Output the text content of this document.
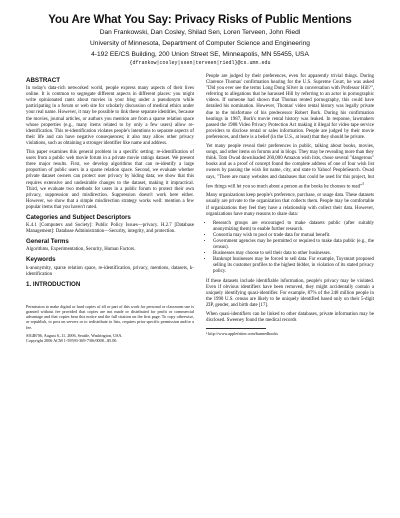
You Are What You Say: Privacy Risks of Public Mentions
Dan Frankowski, Dan Cosley, Shilad Sen, Loren Terveen, John Riedl
University of Minnesota, Department of Computer Science and Engineering
4-192 EE/CS Building, 200 Union Street SE, Minneapolis, MN 55455, USA
{dfrankow|cosley|ssen|terveen|riedl}@cs.umn.edu
ABSTRACT

In today's data-rich networked world, people express many aspects of their lives online. It is common to segregate different aspects in different places: you might write opinionated rants about movies in your blog under a pseudonym while participating in a forum or web site for scholarly discussion of medical ethics under your real name. However, it may be possible to link these separate identities, because the movies, journal articles, or authors you mention are from a sparse relation space whose properties (e.g., many items related to by only a few users) allow re-identification. This re-identification violates people's intentions to separate aspects of their life and can have negative consequences; it also may allow other privacy violations, such as obtaining a stronger identifier like name and address.

This paper examines this general problem in a specific setting: re-identification of users from a public web movie forum in a private movie ratings dataset. We present three major results. First, we develop algorithms that can re-identify a large proportion of public users in a sparse relation space. Second, we evaluate whether private dataset owners can protect user privacy by hiding data; we show that this requires extensive and undesirable changes to the dataset, making it impractical. Third, we evaluate two methods for users in a public forum to protect their own privacy, suppression and misdirection. Suppression doesn't work here either. However, we show that a simple misdirection strategy works well: mention a few popular items that you haven't rated.

Categories and Subject Descriptors

K.4.1 [Computers and Society]: Public Policy Issues—privacy. H.2.7 [Database Management]: Database Administration—Security, integrity, and protection.

General Terms

Algorithms, Experimentation, Security, Human Factors.

Keywords

k-anonymity, sparse relation space, re-identification, privacy, mentions, datasets, k-identification

1. INTRODUCTION

Permission to make digital or hard copies of all or part of this work for personal or classroom use is granted without fee provided that copies are not made or distributed for profit or commercial advantage and that copies bear this notice and the full citation on the first page. To copy otherwise, or republish, to post on servers or to redistribute to lists, requires prior specific permission and/or a fee.

SIGIR'06, August 6–11, 2006, Seattle, Washington, USA.
Copyright 2006 ACM 1-59593-369-7/06/0008...$5.00.

People are judged by their preferences, even for apparently trivial things. During Clarence Thomas' confirmation hearing for the U.S. Supreme Court, he was asked "Did you ever see the terms Long Dong Silver in conversation with Professor Hill?", referring to allegations that he harassed Hill by referring to an actor in pornographic videos. If someone had shown that Thomas rented pornography, this could have derailed his nomination. However, Thomas' video rental history was legally private due to the misfortune of his predecessor Robert Bork. During his confirmation hearings in 1987, Bork's movie rental history was leaked. In response, lawmakers passed the 1988 Video Privacy Protection Act making it illegal for video tape service providers to disclose rental or sales information. People are judged by their movie preferences, and there is a belief (in the U.S., at least) that they should be private.

Yet many people reveal their preferences in public, talking about books, movies, songs, and other items on forums and in blogs. They may be revealing more than they think. Tom Owad downloaded 260,000 Amazon wish lists, chose several "dangerous" books and as a proof of concept found the complete address of one of four wish list owners by passing the wish list name, city, and state to Yahoo! PeopleSearch. Owad says, "There are many websites and databases that could be used for this project, but few things will let you so much about a person as the books he chooses to read"$^1$

Many organizations keep people's preference, purchase, or usage data. These datasets usually are private to the organization that collects them. People may be comfortable if organizations they feel they have a relationship with collect their data. However, organizations have many reasons to share data:

• Research groups are encouraged to make datasets public (after suitably anonymizing them) to enable further research.
• Consortia may wish to pool or trade data for mutual benefit.
• Government agencies may be permitted or required to make data public (e.g., the census).
• Businesses may choose to sell their data to other businesses.
• Bankrupt businesses may be forced to sell data. For example, Toysmart proposed selling its customer profiles to the highest bidder, in violation of its stated privacy policy.

If these datasets include identifiable information, people's privacy may be violated. Even if obvious identifiers have been removed, they might accidentally contain a uniquely identifying quasi-identifier. For example, 87% of the 248 million people in the 1990 U.S. census are likely to be uniquely identified based only on their 5-digit ZIP, gender, and birth date [17].

When quasi-identifiers can be linked to other databases, private information may be disclosed. Sweeney found the medical records

¹ http://www.applefritter.com/bannedbooks
